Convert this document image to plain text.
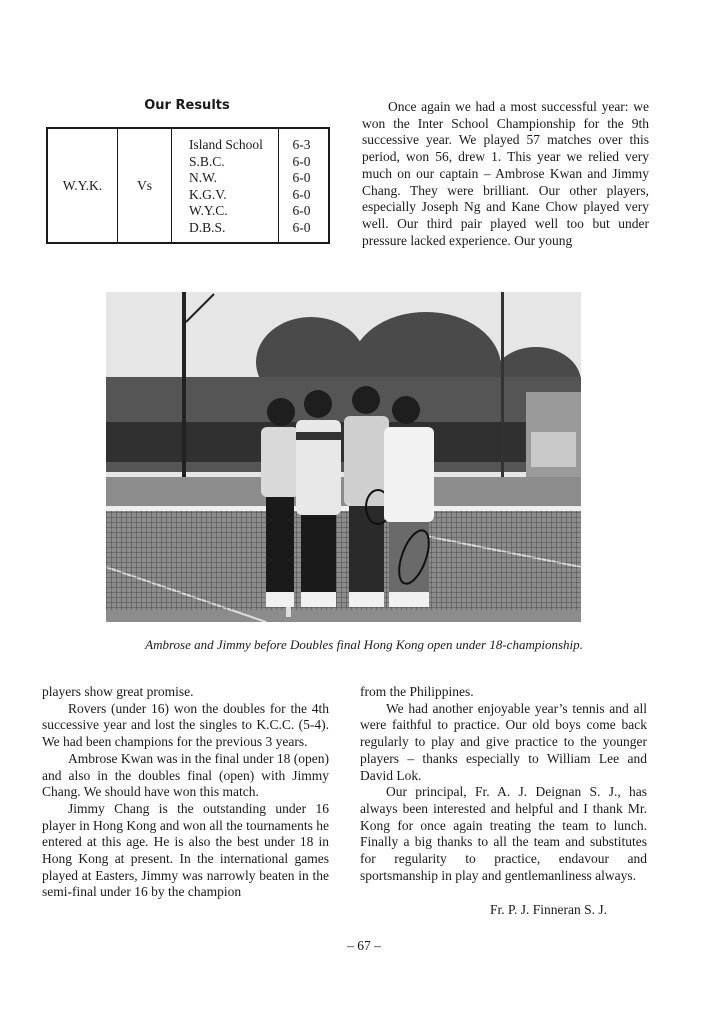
Our Results
W.Y.K.	Vs
Island School
S.B.C.
N.W.
K.G.V.
W.Y.C.
D.B.S.
6-3
6-0
6-0
6-0
6-0
6-0

Once again we had a most successful year: we won the Inter School Championship for the 9th successive year. We played 57 matches over this period, won 56, drew 1. This year we relied very much on our captain – Ambrose Kwan and Jimmy Chang. They were brilliant. Our other players, especially Joseph Ng and Kane Chow played very well. Our third pair played well too but under pressure lacked experience. Our young

Ambrose and Jimmy before Doubles final Hong Kong open under 18-championship.

players show great promise.

Rovers (under 16) won the doubles for the 4th successive year and lost the singles to K.C.C. (5-4). We had been champions for the previous 3 years.

Ambrose Kwan was in the final under 18 (open) and also in the doubles final (open) with Jimmy Chang. We should have won this match.

Jimmy Chang is the outstanding under 16 player in Hong Kong and won all the tournaments he entered at this age. He is also the best under 18 in Hong Kong at present. In the international games played at Easters, Jimmy was narrowly beaten in the semi-final under 16 by the champion

from the Philippines.

We had another enjoyable year’s tennis and all were faithful to practice. Our old boys come back regularly to play and give practice to the younger players – thanks especially to William Lee and David Lok.

Our principal, Fr. A. J. Deignan S. J., has always been interested and helpful and I thank Mr. Kong for once again treating the team to lunch. Finally a big thanks to all the team and substitutes for regularity to practice, endavour and sportsmanship in play and gentlemanliness always.

Fr. P. J. Finneran S. J.
– 67 –
